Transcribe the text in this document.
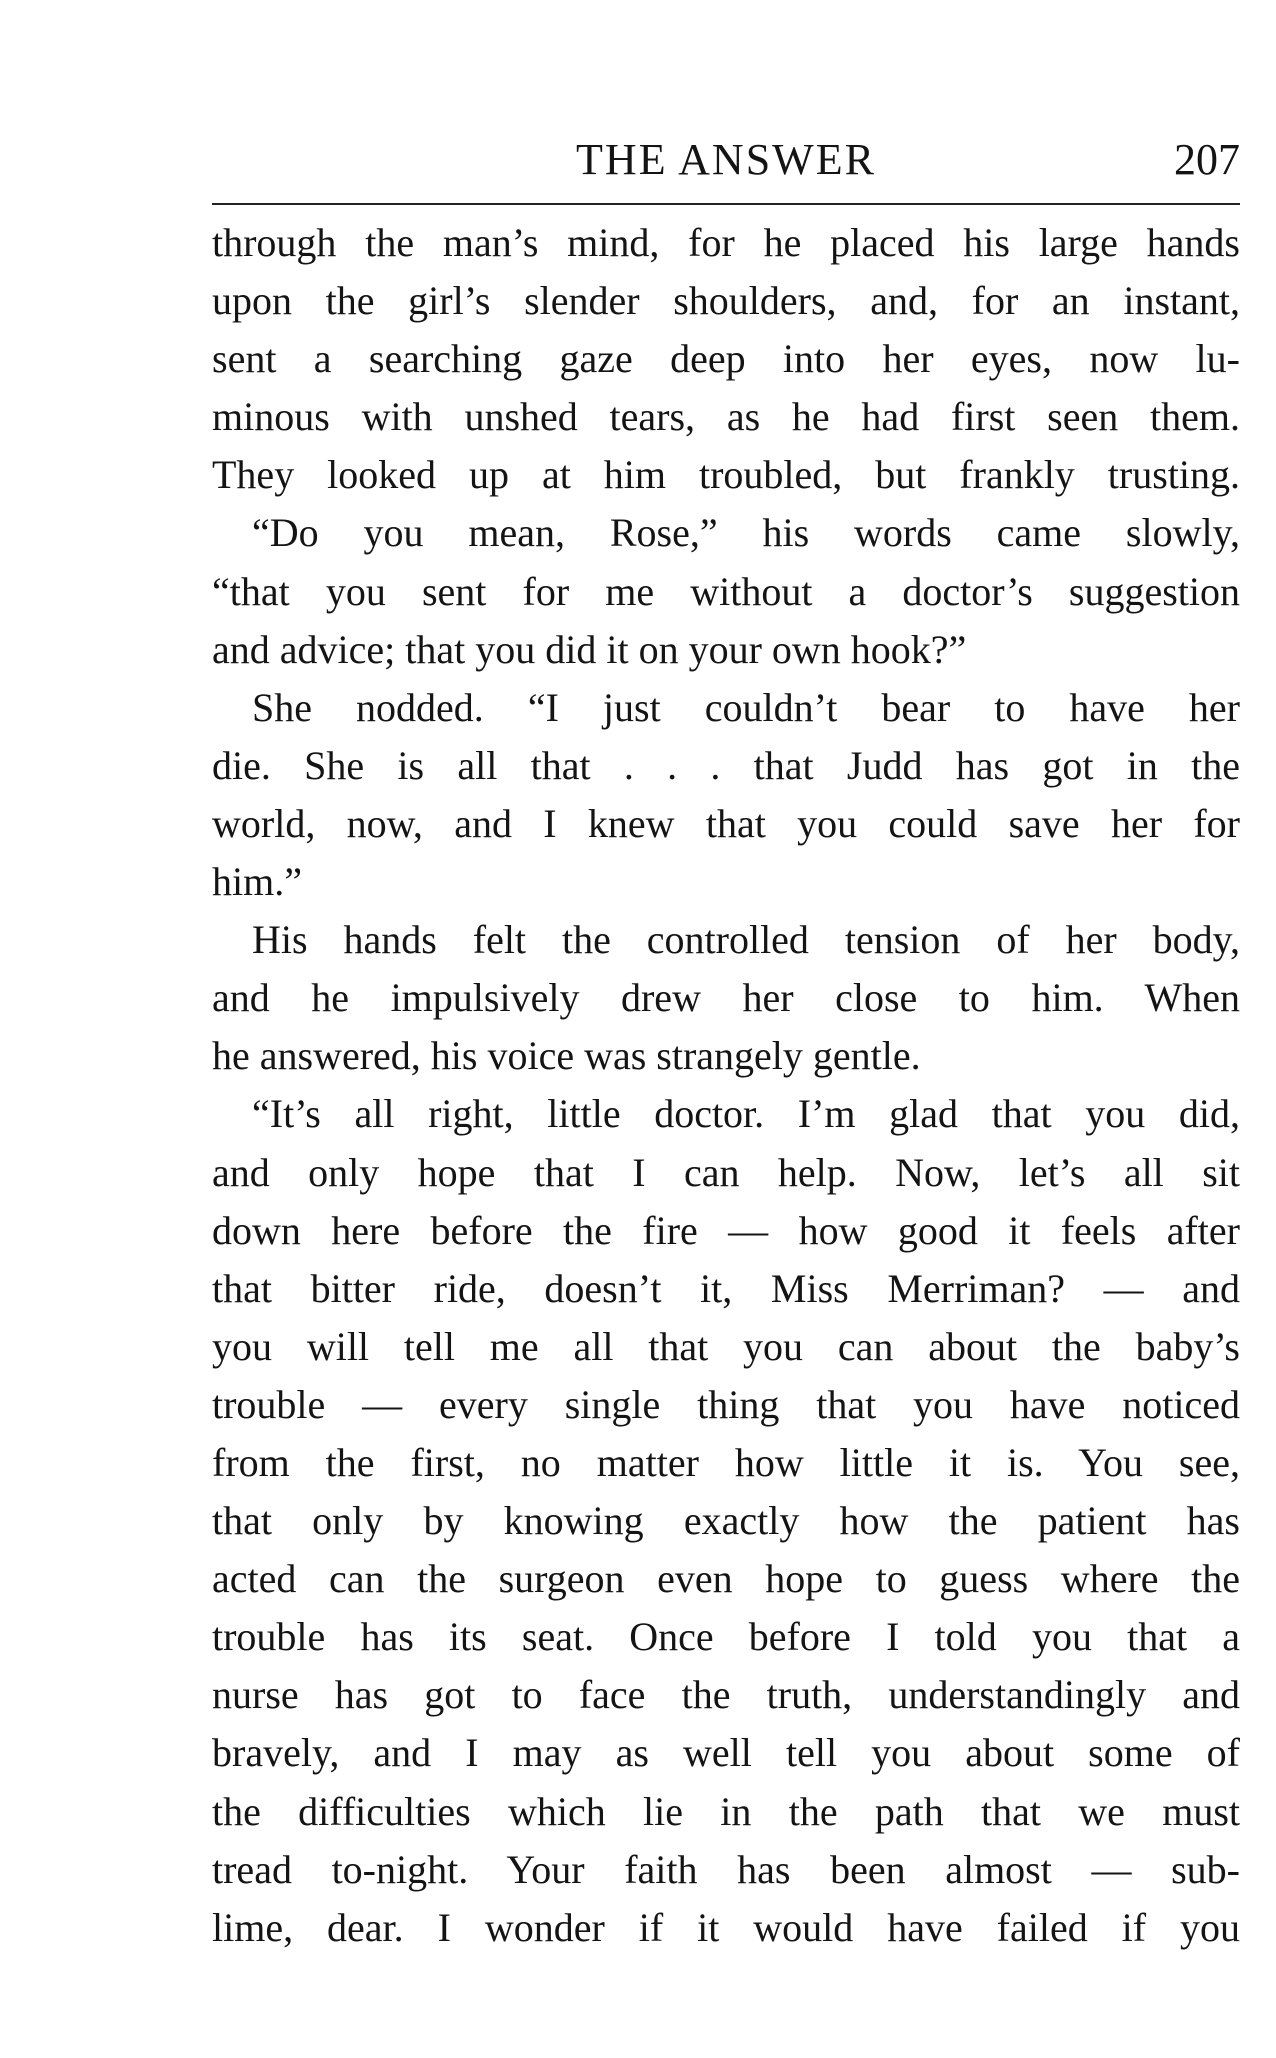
THE ANSWER	207
through the man’s mind, for he placed his large hands
upon the girl’s slender shoulders, and, for an instant,
sent a searching gaze deep into her eyes, now lu-
minous with unshed tears, as he had first seen them.
They looked up at him troubled, but frankly trusting.
“Do you mean, Rose,” his words came slowly,
“that you sent for me without a doctor’s suggestion
and advice; that you did it on your own hook?”
She nodded. “I just couldn’t bear to have her
die. She is all that . . . that Judd has got in the
world, now, and I knew that you could save her for
him.”
His hands felt the controlled tension of her body,
and he impulsively drew her close to him. When
he answered, his voice was strangely gentle.
“It’s all right, little doctor. I’m glad that you did,
and only hope that I can help. Now, let’s all sit
down here before the fire — how good it feels after
that bitter ride, doesn’t it, Miss Merriman? — and
you will tell me all that you can about the baby’s
trouble — every single thing that you have noticed
from the first, no matter how little it is. You see,
that only by knowing exactly how the patient has
acted can the surgeon even hope to guess where the
trouble has its seat. Once before I told you that a
nurse has got to face the truth, understandingly and
bravely, and I may as well tell you about some of
the difficulties which lie in the path that we must
tread to-night. Your faith has been almost — sub-
lime, dear. I wonder if it would have failed if you
